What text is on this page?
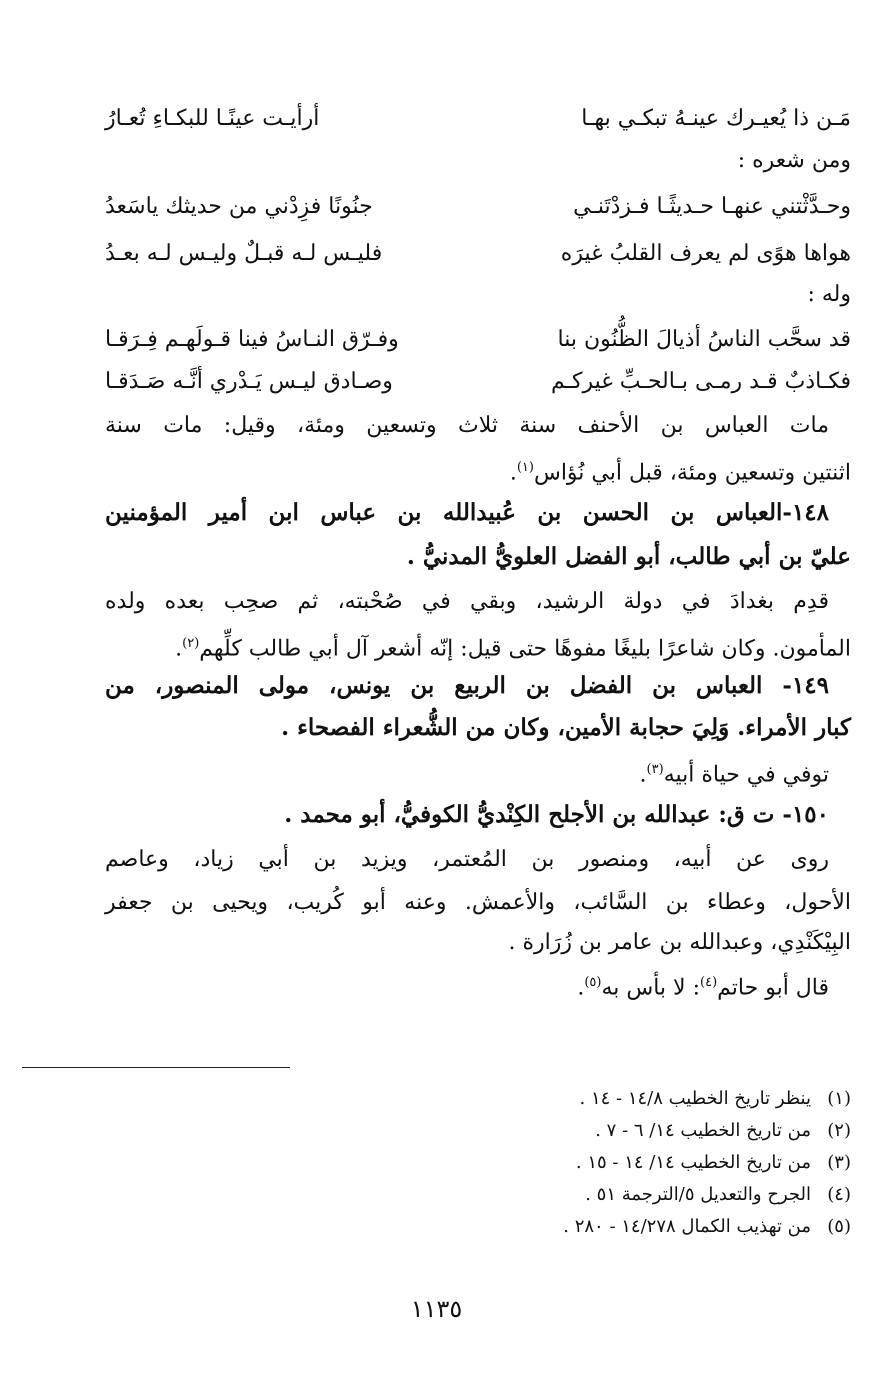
مَـن ذا يُعيـرك عينـهُ تبكـي بهـا
أرأيـت عينًـا للبكـاءِ تُعـارُ
ومن شعره :
وحـدَّثْتني عنهـا حـديثًـا فـزدْتَنـي
جنُونًا فزِدْني من حديثك ياسَعدُ
هواها هوًى لم يعرف القلبُ غيرَه
فليـس لـه قبـلٌ وليـس لـه بعـدُ
وله :
قد سحَّب الناسُ أذيالَ الظُّنُون بنا
وفـرّق النـاسُ فينا قـولَهـم فِـرَقـا
فكـاذبٌ قـد رمـى بـالحـبِّ غيركـم
وصـادق ليـس يَـدْري أنَّـه صَـدَقـا
مات العباس بن الأحنف سنة ثلاث وتسعين ومئة، وقيل: مات سنة
اثنتين وتسعين ومئة، قبل أبي نُؤاس$^{(١)}$.
١٤٨-العباس بن الحسن بن عُبيدالله بن عباس ابن أمير المؤمنين
عليّ بن أبي طالب، أبو الفضل العلويُّ المدنيُّ .
قدِم بغدادَ في دولة الرشيد، وبقي في صُحْبته، ثم صحِب بعده ولده
المأمون. وكان شاعرًا بليغًا مفوهًا حتى قيل: إنّه أشعر آل أبي طالب كلِّهم$^{(٢)}$.
١٤٩- العباس بن الفضل بن الربيع بن يونس، مولى المنصور، من
كبار الأمراء. وَلِيَ حجابة الأمين، وكان من الشُّعراء الفصحاء .
توفي في حياة أبيه$^{(٣)}$.
١٥٠- ت ق: عبدالله بن الأجلح الكِنْديُّ الكوفيُّ، أبو محمد .
روى عن أبيه، ومنصور بن المُعتمر، ويزيد بن أبي زياد، وعاصم
الأحول، وعطاء بن السَّائب، والأعمش. وعنه أبو كُريب، ويحيى بن جعفر
البِيْكَنْدِي، وعبدالله بن عامر بن زُرَارة .
قال أبو حاتم$^{(٤)}$: لا بأس به$^{(٥)}$.
(١)ينظر تاريخ الخطيب ١٤/٨ - ١٤ .
(٢)من تاريخ الخطيب ١٤/ ٦ - ٧ .
(٣)من تاريخ الخطيب ١٤/ ١٤ - ١٥ .
(٤)الجرح والتعديل ٥/الترجمة ٥١ .
(٥)من تهذيب الكمال ١٤/٢٧٨ - ٢٨٠ .
١١٣٥
